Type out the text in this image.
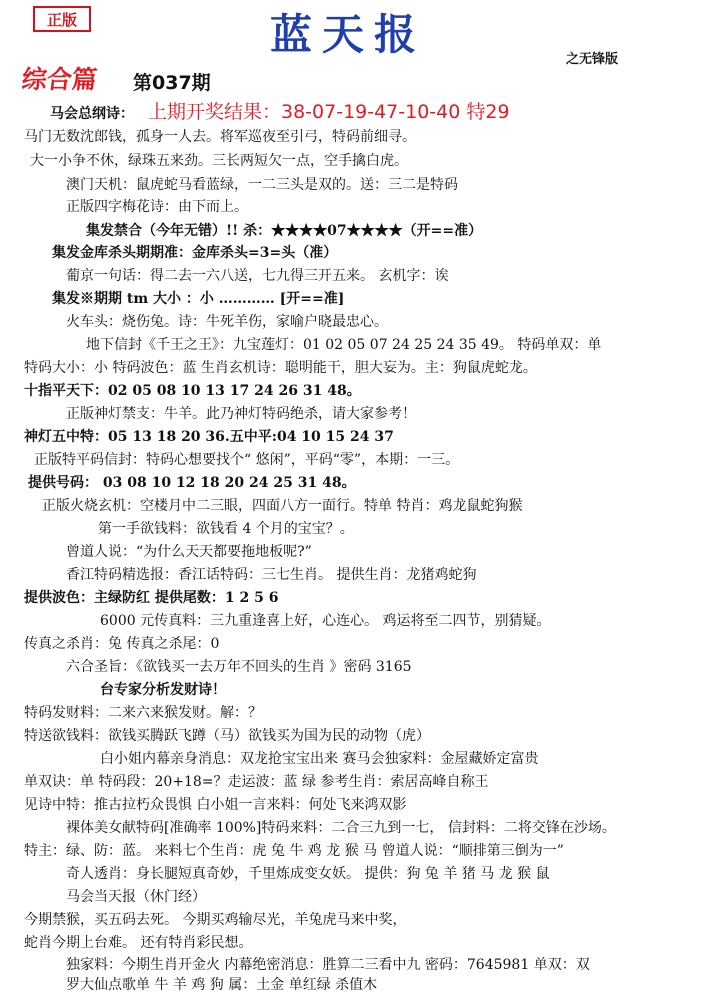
正版	蓝天报
之无锋版
综合篇 第037期
上期开奖结果：38-07-19-47-10-40 特29
马会总纲诗：
马门无数沈郎钱，孤身一人去。将军巡夜至引弓，特码前细寻。
大一小争不休，绿珠五来劲。三长两短欠一点，空手擒白虎。
澳门天机：鼠虎蛇马看蓝绿，一二三头是双的。送：三二是特码
正版四字梅花诗：由下而上。
集发禁合（今年无错）!! 杀：★★★★07★★★★（开==准）
集发金库杀头期期准：金库杀头=3=头（准）
葡京一句话：得二去一六八送，七九得三开五来。 玄机字：诶
集发※期期 tm 大小 ：小 ………… [开==准]
火车头：烧伤兔。诗：牛死羊伤，家喻户晓最忠心。
地下信封《千王之王》：九宝莲灯：01 02 05 07 24 25 24 35 49。 特码单双：单
特码大小：小 特码波色：蓝 生肖玄机诗：聪明能干，胆大妄为。主：狗鼠虎蛇龙。
十指平天下：02 05 08 10 13 17 24 26 31 48。
正版神灯禁支：牛羊。此乃神灯特码绝杀，请大家参考！
神灯五中特：05 13 18 20 36.五中平:04 10 15 24 37
正版特平码信封：特码心想要找个“ 悠闲”，平码“零”，本期：一三。
提供号码： 03 08 10 12 18 20 24 25 31 48。
正版火烧玄机：空楼月中二三眼，四面八方一面行。特单 特肖：鸡龙鼠蛇狗猴
第一手欲钱料：欲钱看 4 个月的宝宝？。
曾道人说：“为什么天天都要拖地板呢?”
香江特码精选报：香江话特码：三七生肖。 提供生肖：龙猪鸡蛇狗
提供波色：主绿防红 提供尾数：1 2 5 6
6000 元传真料：三九重逢喜上好，心连心。 鸡运将至二四节，别猜疑。
传真之杀肖：兔 传真之杀尾：0
六合圣旨：《欲钱买一去万年不回头的生肖 》密码 3165
台专家分析发财诗！
特码发财料：二来六来猴发财。解：？
特送欲钱料：欲钱买腾跃飞蹲（马）欲钱买为国为民的动物（虎）
白小姐内幕亲身消息：双龙抢宝宝出来 赛马会独家料：金屋藏娇定富贵
单双诀：单 特码段：20+18=？走运波：蓝 绿 参考生肖：索居高峰自称王
见诗中特：推古拉朽众畏惧 白小姐一言来料：何处飞来鸿双影
裸体美女献特码[准确率 100%]特码来料：二合三九到一七， 信封料：二将交锋在沙场。
特主：绿、防：蓝。 来料七个生肖：虎 兔 牛 鸡 龙 猴 马 曾道人说：“顺排第三倒为一”
奇人透肖：身长腿短真奇妙，千里炼成变女妖。 提供：狗 兔 羊 猪 马 龙 猴 鼠
马会当天报（休门经）
今期禁猴，买五码去死。 今期买鸡输尽光，羊兔虎马来中奖，
蛇肖今期上台难。 还有特肖彩民想。
独家料：今期生肖开金火 内幕绝密消息：胜算二三看中九 密码：7645981 单双：双
罗大仙点歌单 牛 羊 鸡 狗 属：土金 单红绿 杀值木
